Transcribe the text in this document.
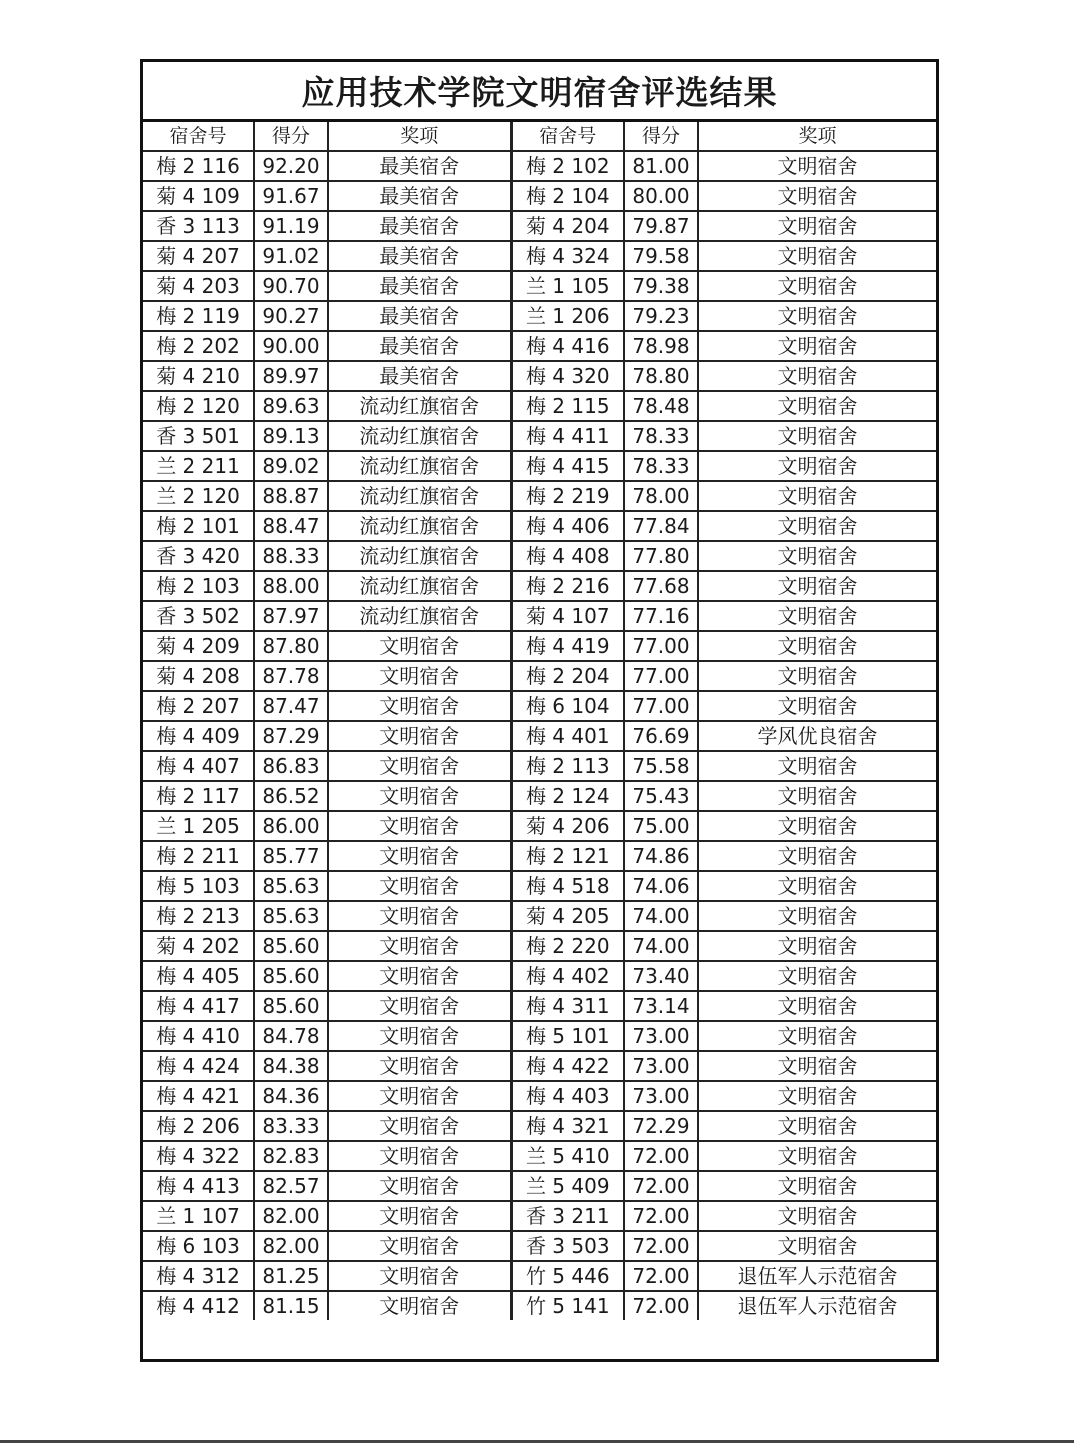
应用技术学院文明宿舍评选结果
宿舍号	得分	奖项	宿舍号	得分	奖项
梅 2 116	92.20	最美宿舍	梅 2 102	81.00	文明宿舍
菊 4 109	91.67	最美宿舍	梅 2 104	80.00	文明宿舍
香 3 113	91.19	最美宿舍	菊 4 204	79.87	文明宿舍
菊 4 207	91.02	最美宿舍	梅 4 324	79.58	文明宿舍
菊 4 203	90.70	最美宿舍	兰 1 105	79.38	文明宿舍
梅 2 119	90.27	最美宿舍	兰 1 206	79.23	文明宿舍
梅 2 202	90.00	最美宿舍	梅 4 416	78.98	文明宿舍
菊 4 210	89.97	最美宿舍	梅 4 320	78.80	文明宿舍
梅 2 120	89.63	流动红旗宿舍	梅 2 115	78.48	文明宿舍
香 3 501	89.13	流动红旗宿舍	梅 4 411	78.33	文明宿舍
兰 2 211	89.02	流动红旗宿舍	梅 4 415	78.33	文明宿舍
兰 2 120	88.87	流动红旗宿舍	梅 2 219	78.00	文明宿舍
梅 2 101	88.47	流动红旗宿舍	梅 4 406	77.84	文明宿舍
香 3 420	88.33	流动红旗宿舍	梅 4 408	77.80	文明宿舍
梅 2 103	88.00	流动红旗宿舍	梅 2 216	77.68	文明宿舍
香 3 502	87.97	流动红旗宿舍	菊 4 107	77.16	文明宿舍
菊 4 209	87.80	文明宿舍	梅 4 419	77.00	文明宿舍
菊 4 208	87.78	文明宿舍	梅 2 204	77.00	文明宿舍
梅 2 207	87.47	文明宿舍	梅 6 104	77.00	文明宿舍
梅 4 409	87.29	文明宿舍	梅 4 401	76.69	学风优良宿舍
梅 4 407	86.83	文明宿舍	梅 2 113	75.58	文明宿舍
梅 2 117	86.52	文明宿舍	梅 2 124	75.43	文明宿舍
兰 1 205	86.00	文明宿舍	菊 4 206	75.00	文明宿舍
梅 2 211	85.77	文明宿舍	梅 2 121	74.86	文明宿舍
梅 5 103	85.63	文明宿舍	梅 4 518	74.06	文明宿舍
梅 2 213	85.63	文明宿舍	菊 4 205	74.00	文明宿舍
菊 4 202	85.60	文明宿舍	梅 2 220	74.00	文明宿舍
梅 4 405	85.60	文明宿舍	梅 4 402	73.40	文明宿舍
梅 4 417	85.60	文明宿舍	梅 4 311	73.14	文明宿舍
梅 4 410	84.78	文明宿舍	梅 5 101	73.00	文明宿舍
梅 4 424	84.38	文明宿舍	梅 4 422	73.00	文明宿舍
梅 4 421	84.36	文明宿舍	梅 4 403	73.00	文明宿舍
梅 2 206	83.33	文明宿舍	梅 4 321	72.29	文明宿舍
梅 4 322	82.83	文明宿舍	兰 5 410	72.00	文明宿舍
梅 4 413	82.57	文明宿舍	兰 5 409	72.00	文明宿舍
兰 1 107	82.00	文明宿舍	香 3 211	72.00	文明宿舍
梅 6 103	82.00	文明宿舍	香 3 503	72.00	文明宿舍
梅 4 312	81.25	文明宿舍	竹 5 446	72.00	退伍军人示范宿舍
梅 4 412	81.15	文明宿舍	竹 5 141	72.00	退伍军人示范宿舍
